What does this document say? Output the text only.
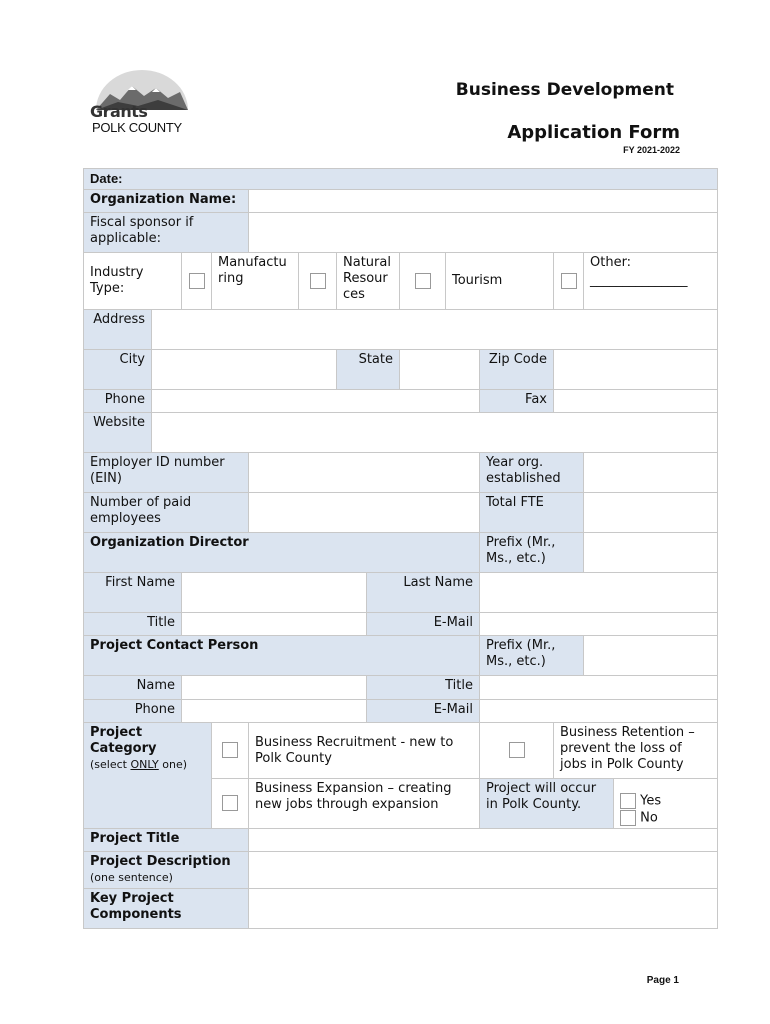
Grants
POLK COUNTY
Business Development
Application Form
FY 2021-2022
Date:													
Organization Name:													
Fiscal sponsor if applicable:													
Industry Type:			Manufacturing			Natural Resources			Tourism			Other:
_______________	
Address													
City						State				Zip Code			
Phone										Fax			
Website													
Employer ID number (EIN)										Year org. established			
Number of paid employees										Total FTE			
Organization Director										Prefix (Mr., Ms., etc.)			
First Name							Last Name						
Title							E-Mail						
Project Contact Person										Prefix (Mr., Ms., etc.)			
Name							Title						
Phone							E-Mail						
Project Category
(select ONLY one)				Business Recruitment - new to Polk County							Business Retention – prevent the loss of jobs in Polk County		
				Business Expansion – creating new jobs through expansion						Project will occur in Polk County.			Yes
No

Project Title													
Project Description
(one sentence)													
Key Project Components													
Page 1
